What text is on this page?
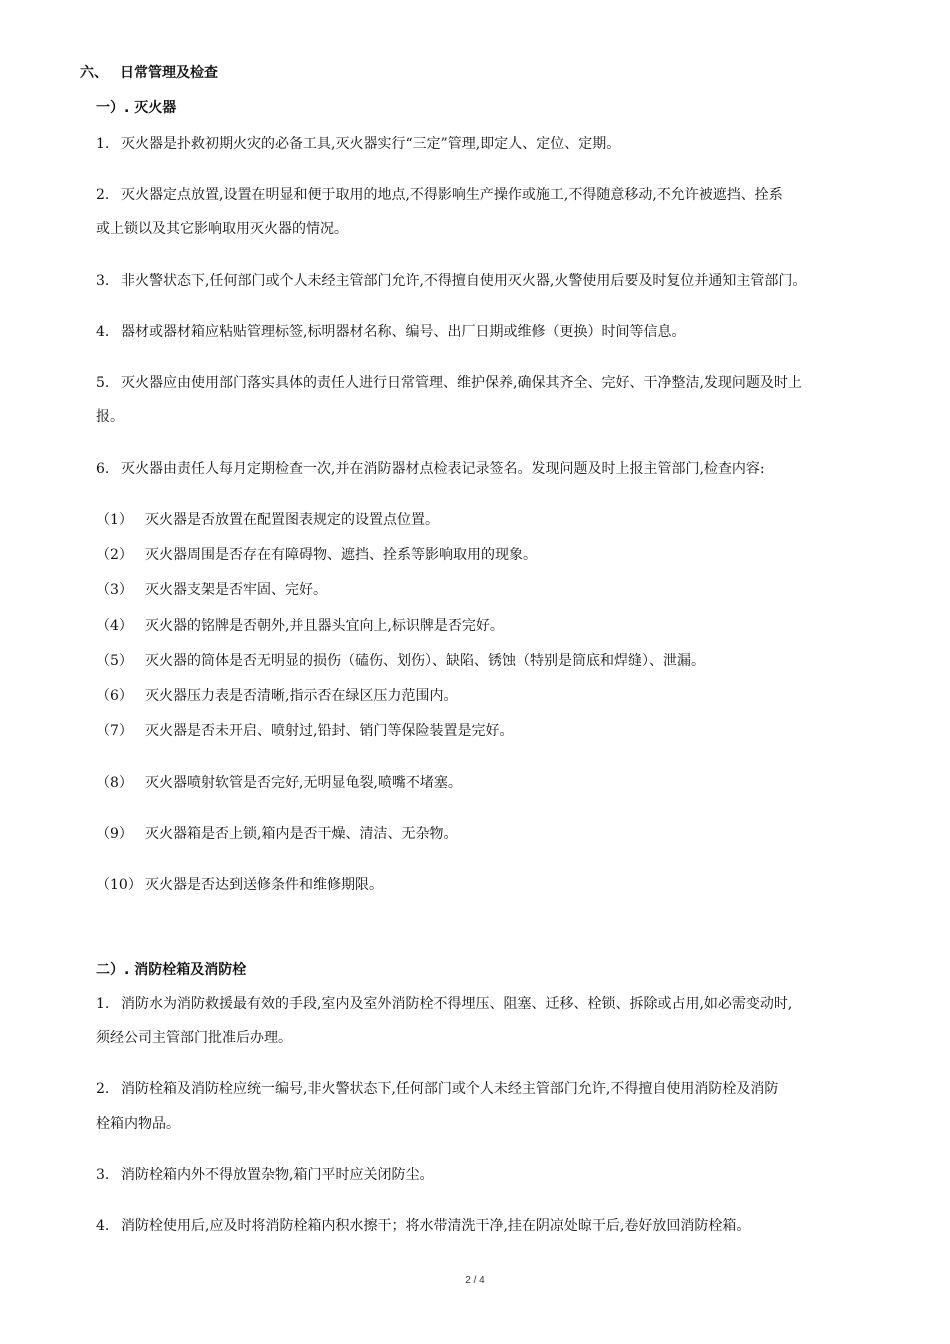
六、 日常管理及检查
一）. 灭火器
1. 灭火器是扑救初期火灾的必备工具,灭火器实行“三定”管理,即定人、定位、定期。
2. 灭火器定点放置,设置在明显和便于取用的地点,不得影响生产操作或施工,不得随意移动,不允许被遮挡、拴系
或上锁以及其它影响取用灭火器的情况。
3. 非火警状态下,任何部门或个人未经主管部门允许,不得擅自使用灭火器,火警使用后要及时复位并通知主管部门。
4. 器材或器材箱应粘贴管理标签,标明器材名称、编号、出厂日期或维修（更换）时间等信息。
5. 灭火器应由使用部门落实具体的责任人进行日常管理、维护保养,确保其齐全、完好、干净整洁,发现问题及时上
报。
6. 灭火器由责任人每月定期检查一次,并在消防器材点检表记录签名。发现问题及时上报主管部门,检查内容:
（1） 灭火器是否放置在配置图表规定的设置点位置。
（2） 灭火器周围是否存在有障碍物、遮挡、拴系等影响取用的现象。
（3） 灭火器支架是否牢固、完好。
（4） 灭火器的铭牌是否朝外,并且器头宜向上,标识牌是否完好。
（5） 灭火器的筒体是否无明显的损伤（磕伤、划伤）、缺陷、锈蚀（特别是筒底和焊缝）、泄漏。
（6） 灭火器压力表是否清晰,指示否在绿区压力范围内。
（7） 灭火器是否未开启、喷射过,铅封、销门等保险装置是完好。
（8） 灭火器喷射软管是否完好,无明显龟裂,喷嘴不堵塞。
（9） 灭火器箱是否上锁,箱内是否干燥、清洁、无杂物。
（10） 灭火器是否达到送修条件和维修期限。
二）. 消防栓箱及消防栓
1. 消防水为消防救援最有效的手段,室内及室外消防栓不得埋压、阻塞、迁移、栓锁、拆除或占用,如必需变动时,
须经公司主管部门批准后办理。
2. 消防栓箱及消防栓应统一编号,非火警状态下,任何部门或个人未经主管部门允许,不得擅自使用消防栓及消防
栓箱内物品。
3. 消防栓箱内外不得放置杂物,箱门平时应关闭防尘。
4. 消防栓使用后,应及时将消防栓箱内积水擦干；将水带清洗干净,挂在阴凉处晾干后,卷好放回消防栓箱。
2 / 4
